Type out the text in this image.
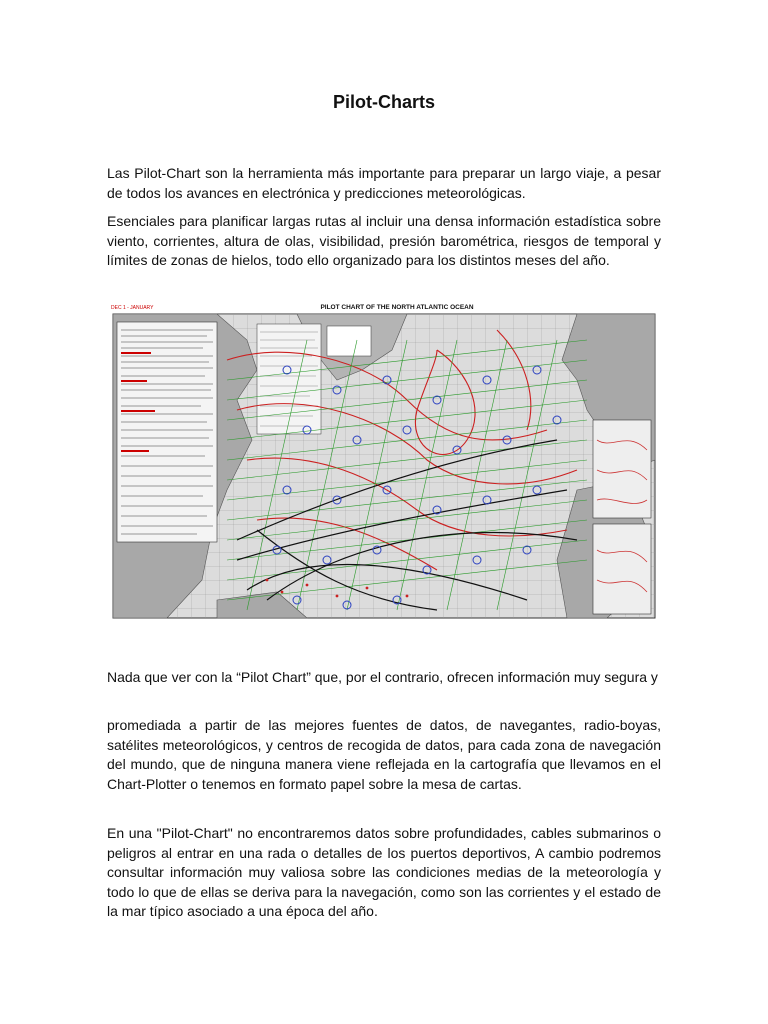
Pilot-Charts

Las Pilot-Chart son la herramienta más importante para preparar un largo viaje, a pesar de todos los avances en electrónica y predicciones meteorológicas.

Esenciales para planificar largas rutas al incluir una densa información estadística sobre viento, corrientes, altura de olas, visibilidad, presión barométrica, riesgos de temporal y límites de zonas de hielos, todo ello organizado para los distintos meses del año.

DEC 1 - JANUARY	PILOT CHART OF THE NORTH ATLANTIC OCEAN

Nada que ver con la “Pilot Chart” que, por el contrario, ofrecen información muy segura y

promediada a partir de las mejores fuentes de datos, de navegantes, radio-boyas, satélites meteorológicos, y centros de recogida de datos, para cada zona de navegación del mundo, que de ninguna manera viene reflejada en la cartografía que llevamos en el Chart-Plotter o tenemos en formato papel sobre la mesa de cartas.

En una "Pilot-Chart" no encontraremos datos sobre profundidades, cables submarinos o peligros al entrar en una rada o detalles de los puertos deportivos, A cambio podremos consultar información muy valiosa sobre las condiciones medias de la meteorología y todo lo que de ellas se deriva para la navegación, como son las corrientes y el estado de la mar típico asociado a una época del año.
